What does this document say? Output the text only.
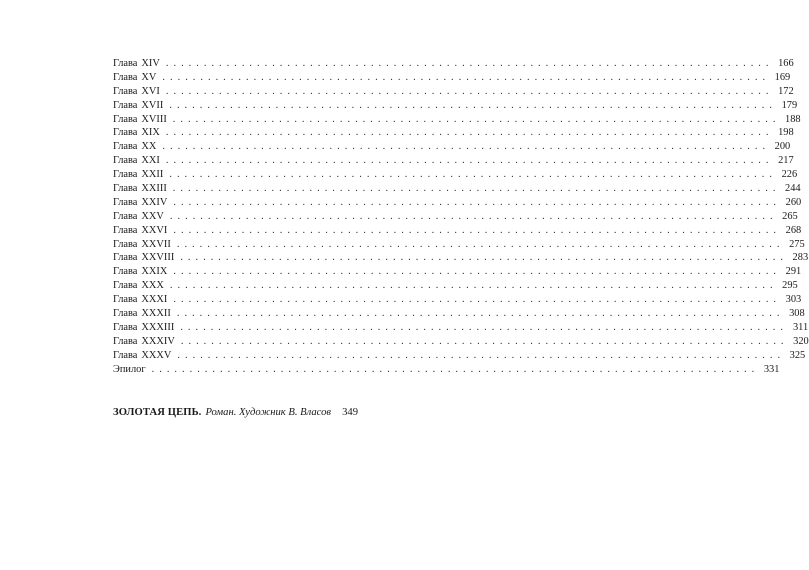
Глава XIV . . . . . . . . . . . . . . . . . . . . . . . . . . . . . . . . . . . . . . . . . . . . . . . . . . . . . . . . . . . . . . . . . . . . . . . . . . . . . . . . 166
Глава XV . . . . . . . . . . . . . . . . . . . . . . . . . . . . . . . . . . . . . . . . . . . . . . . . . . . . . . . . . . . . . . . . . . . . . . . . . . . . . . . . 169
Глава XVI . . . . . . . . . . . . . . . . . . . . . . . . . . . . . . . . . . . . . . . . . . . . . . . . . . . . . . . . . . . . . . . . . . . . . . . . . . . . . . . . 172
Глава XVII . . . . . . . . . . . . . . . . . . . . . . . . . . . . . . . . . . . . . . . . . . . . . . . . . . . . . . . . . . . . . . . . . . . . . . . . . . . . . . . . 179
Глава XVIII . . . . . . . . . . . . . . . . . . . . . . . . . . . . . . . . . . . . . . . . . . . . . . . . . . . . . . . . . . . . . . . . . . . . . . . . . . . . . . . . 188
Глава XIX . . . . . . . . . . . . . . . . . . . . . . . . . . . . . . . . . . . . . . . . . . . . . . . . . . . . . . . . . . . . . . . . . . . . . . . . . . . . . . . . 198
Глава XX . . . . . . . . . . . . . . . . . . . . . . . . . . . . . . . . . . . . . . . . . . . . . . . . . . . . . . . . . . . . . . . . . . . . . . . . . . . . . . . . 200
Глава XXI . . . . . . . . . . . . . . . . . . . . . . . . . . . . . . . . . . . . . . . . . . . . . . . . . . . . . . . . . . . . . . . . . . . . . . . . . . . . . . . . 217
Глава XXII . . . . . . . . . . . . . . . . . . . . . . . . . . . . . . . . . . . . . . . . . . . . . . . . . . . . . . . . . . . . . . . . . . . . . . . . . . . . . . . . 226
Глава XXIII . . . . . . . . . . . . . . . . . . . . . . . . . . . . . . . . . . . . . . . . . . . . . . . . . . . . . . . . . . . . . . . . . . . . . . . . . . . . . . . . 244
Глава XXIV . . . . . . . . . . . . . . . . . . . . . . . . . . . . . . . . . . . . . . . . . . . . . . . . . . . . . . . . . . . . . . . . . . . . . . . . . . . . . . . . 260
Глава XXV . . . . . . . . . . . . . . . . . . . . . . . . . . . . . . . . . . . . . . . . . . . . . . . . . . . . . . . . . . . . . . . . . . . . . . . . . . . . . . . . 265
Глава XXVI . . . . . . . . . . . . . . . . . . . . . . . . . . . . . . . . . . . . . . . . . . . . . . . . . . . . . . . . . . . . . . . . . . . . . . . . . . . . . . . . 268
Глава XXVII . . . . . . . . . . . . . . . . . . . . . . . . . . . . . . . . . . . . . . . . . . . . . . . . . . . . . . . . . . . . . . . . . . . . . . . . . . . . . . . . 275
Глава XXVIII . . . . . . . . . . . . . . . . . . . . . . . . . . . . . . . . . . . . . . . . . . . . . . . . . . . . . . . . . . . . . . . . . . . . . . . . . . . . . . . . 283
Глава XXIX . . . . . . . . . . . . . . . . . . . . . . . . . . . . . . . . . . . . . . . . . . . . . . . . . . . . . . . . . . . . . . . . . . . . . . . . . . . . . . . . 291
Глава XXX . . . . . . . . . . . . . . . . . . . . . . . . . . . . . . . . . . . . . . . . . . . . . . . . . . . . . . . . . . . . . . . . . . . . . . . . . . . . . . . . 295
Глава XXXI . . . . . . . . . . . . . . . . . . . . . . . . . . . . . . . . . . . . . . . . . . . . . . . . . . . . . . . . . . . . . . . . . . . . . . . . . . . . . . . . 303
Глава XXXII . . . . . . . . . . . . . . . . . . . . . . . . . . . . . . . . . . . . . . . . . . . . . . . . . . . . . . . . . . . . . . . . . . . . . . . . . . . . . . . . 308
Глава XXXIII . . . . . . . . . . . . . . . . . . . . . . . . . . . . . . . . . . . . . . . . . . . . . . . . . . . . . . . . . . . . . . . . . . . . . . . . . . . . . . . . 311
Глава XXXIV . . . . . . . . . . . . . . . . . . . . . . . . . . . . . . . . . . . . . . . . . . . . . . . . . . . . . . . . . . . . . . . . . . . . . . . . . . . . . . . . 320
Глава XXXV . . . . . . . . . . . . . . . . . . . . . . . . . . . . . . . . . . . . . . . . . . . . . . . . . . . . . . . . . . . . . . . . . . . . . . . . . . . . . . . . 325
Эпилог . . . . . . . . . . . . . . . . . . . . . . . . . . . . . . . . . . . . . . . . . . . . . . . . . . . . . . . . . . . . . . . . . . . . . . . . . . . . . . . . 331
ЗОЛОТАЯ ЦЕПЬ. Роман. Художник В. Власов	349
